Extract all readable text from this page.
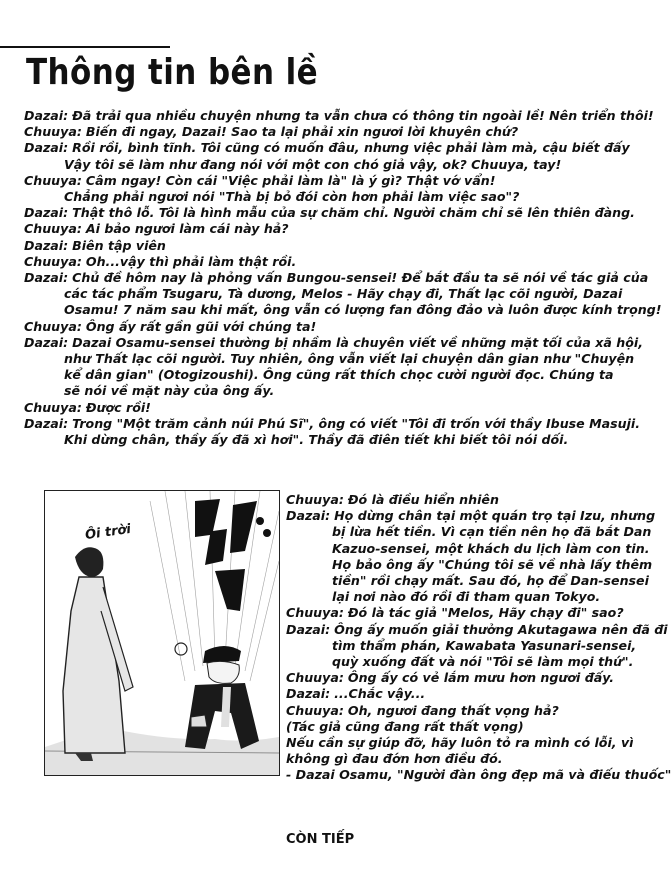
Thông tin bên lề
Dazai: Đã trải qua nhiều chuyện nhưng ta vẫn chưa có thông tin ngoài lề! Nên triển thôi!
Chuuya: Biến đi ngay, Dazai! Sao ta lại phải xin ngươi lời khuyên chứ?
Dazai: Rồi rồi, bình tĩnh. Tôi cũng có muốn đâu, nhưng việc phải làm mà, cậu biết đấy
Vậy tôi sẽ làm như đang nói với một con chó giả vậy, ok? Chuuya, tay!
Chuuya: Câm ngay! Còn cái "Việc phải làm là" là ý gì? Thật vớ vẩn!
Chẳng phải ngươi nói "Thà bị bỏ đói còn hơn phải làm việc sao"?
Dazai: Thật thô lỗ. Tôi là hình mẫu của sự chăm chỉ. Người chăm chỉ sẽ lên thiên đàng.
Chuuya: Ai bảo ngươi làm cái này hả?
Dazai: Biên tập viên
Chuuya: Oh...vậy thì phải làm thật rồi.
Dazai: Chủ đề hôm nay là phỏng vấn Bungou-sensei! Để bắt đầu ta sẽ nói về tác giả của
các tác phẩm Tsugaru, Tà dương, Melos - Hãy chạy đi, Thất lạc cõi người, Dazai
Osamu! 7 năm sau khi mất, ông vẫn có lượng fan đông đảo và luôn được kính trọng!
Chuuya: Ông ấy rất gần gũi với chúng ta!
Dazai: Dazai Osamu-sensei thường bị nhầm là chuyên viết về những mặt tối của xã hội,
như Thất lạc cõi người. Tuy nhiên, ông vẫn viết lại chuyện dân gian như "Chuyện
kể dân gian" (Otogizoushi). Ông cũng rất thích chọc cười người đọc. Chúng ta
sẽ nói về mặt này của ông ấy.
Chuuya: Được rồi!
Dazai: Trong "Một trăm cảnh núi Phú Sĩ", ông có viết "Tôi đi trốn với thầy Ibuse Masuji.
Khi dừng chân, thầy ấy đã xì hơi". Thầy đã điên tiết khi biết tôi nói dối.
Ôi trời
Chuuya: Đó là điều hiển nhiên
Dazai: Họ dừng chân tại một quán trọ tại Izu, nhưng
bị lừa hết tiền. Vì cạn tiền nên họ đã bắt Dan
Kazuo-sensei, một khách du lịch làm con tin.
Họ bảo ông ấy "Chúng tôi sẽ về nhà lấy thêm
tiền" rồi chạy mất. Sau đó, họ để Dan-sensei
lại nơi nào đó rồi đi tham quan Tokyo.
Chuuya: Đó là tác giả "Melos, Hãy chạy đi" sao?
Dazai: Ông ấy muốn giải thưởng Akutagawa nên đã đi
tìm thẩm phán, Kawabata Yasunari-sensei,
quỳ xuống đất và nói "Tôi sẽ làm mọi thứ".
Chuuya: Ông ấy có vẻ lắm mưu hơn ngươi đấy.
Dazai: ...Chắc vậy...
Chuuya: Oh, ngươi đang thất vọng hả?
(Tác giả cũng đang rất thất vọng)
Nếu cần sự giúp đỡ, hãy luôn tỏ ra mình có lỗi, vì
không gì đau đớn hơn điều đó.
- Dazai Osamu, "Người đàn ông đẹp mã và điếu thuốc"
CÒN TIẾP
